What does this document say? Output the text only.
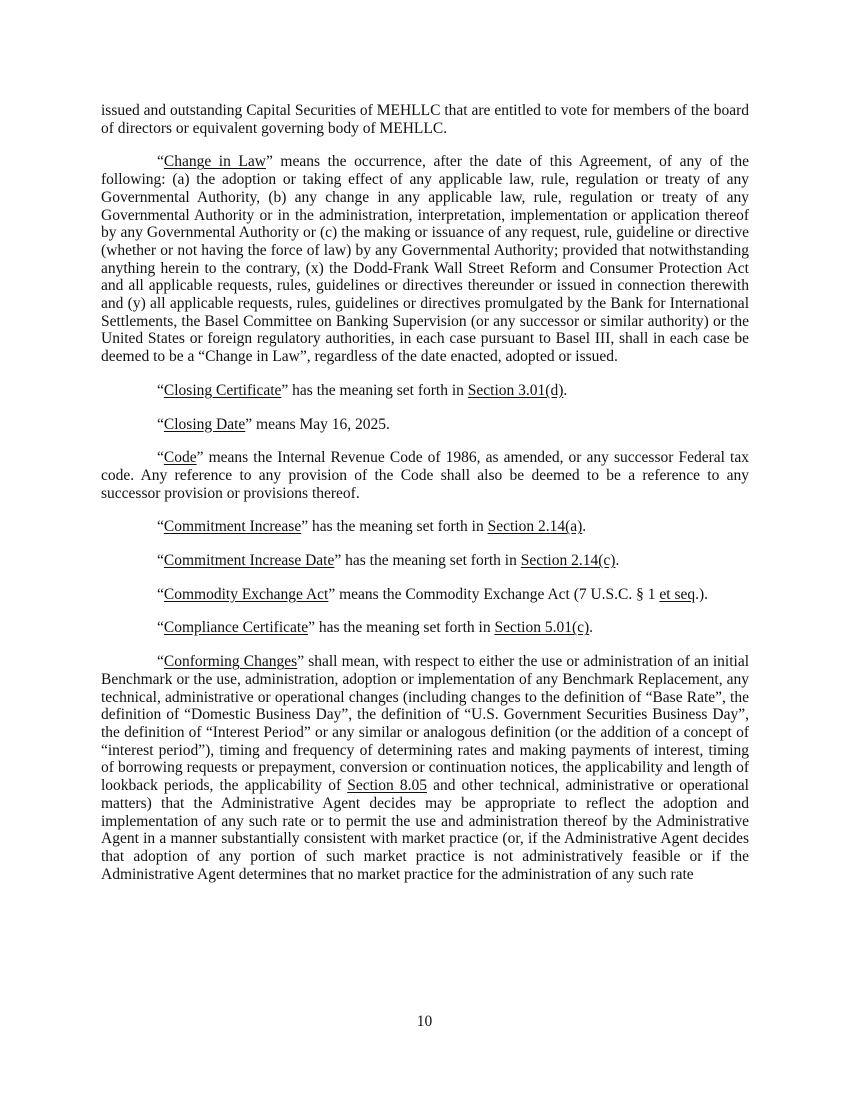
issued and outstanding Capital Securities of MEHLLC that are entitled to vote for members of the board of directors or equivalent governing body of MEHLLC.

“Change in Law” means the occurrence, after the date of this Agreement, of any of the following: (a) the adoption or taking effect of any applicable law, rule, regulation or treaty of any Governmental Authority, (b) any change in any applicable law, rule, regulation or treaty of any Governmental Authority or in the administration, interpretation, implementation or application thereof by any Governmental Authority or (c) the making or issuance of any request, rule, guideline or directive (whether or not having the force of law) by any Governmental Authority; provided that notwithstanding anything herein to the contrary, (x) the Dodd-Frank Wall Street Reform and Consumer Protection Act and all applicable requests, rules, guidelines or directives thereunder or issued in connection therewith and (y) all applicable requests, rules, guidelines or directives promulgated by the Bank for International Settlements, the Basel Committee on Banking Supervision (or any successor or similar authority) or the United States or foreign regulatory authorities, in each case pursuant to Basel III, shall in each case be deemed to be a “Change in Law”, regardless of the date enacted, adopted or issued.

“Closing Certificate” has the meaning set forth in Section 3.01(d).

“Closing Date” means May 16, 2025.

“Code” means the Internal Revenue Code of 1986, as amended, or any successor Federal tax code. Any reference to any provision of the Code shall also be deemed to be a reference to any successor provision or provisions thereof.

“Commitment Increase” has the meaning set forth in Section 2.14(a).

“Commitment Increase Date” has the meaning set forth in Section 2.14(c).

“Commodity Exchange Act” means the Commodity Exchange Act (7 U.S.C. § 1 et seq.).

“Compliance Certificate” has the meaning set forth in Section 5.01(c).

“Conforming Changes” shall mean, with respect to either the use or administration of an initial Benchmark or the use, administration, adoption or implementation of any Benchmark Replacement, any technical, administrative or operational changes (including changes to the definition of “Base Rate”, the definition of “Domestic Business Day”, the definition of “U.S. Government Securities Business Day”, the definition of “Interest Period” or any similar or analogous definition (or the addition of a concept of “interest period”), timing and frequency of determining rates and making payments of interest, timing of borrowing requests or prepayment, conversion or continuation notices, the applicability and length of lookback periods, the applicability of Section 8.05 and other technical, administrative or operational matters) that the Administrative Agent decides may be appropriate to reflect the adoption and implementation of any such rate or to permit the use and administration thereof by the Administrative Agent in a manner substantially consistent with market practice (or, if the Administrative Agent decides that adoption of any portion of such market practice is not administratively feasible or if the Administrative Agent determines that no market practice for the administration of any such rate

10
